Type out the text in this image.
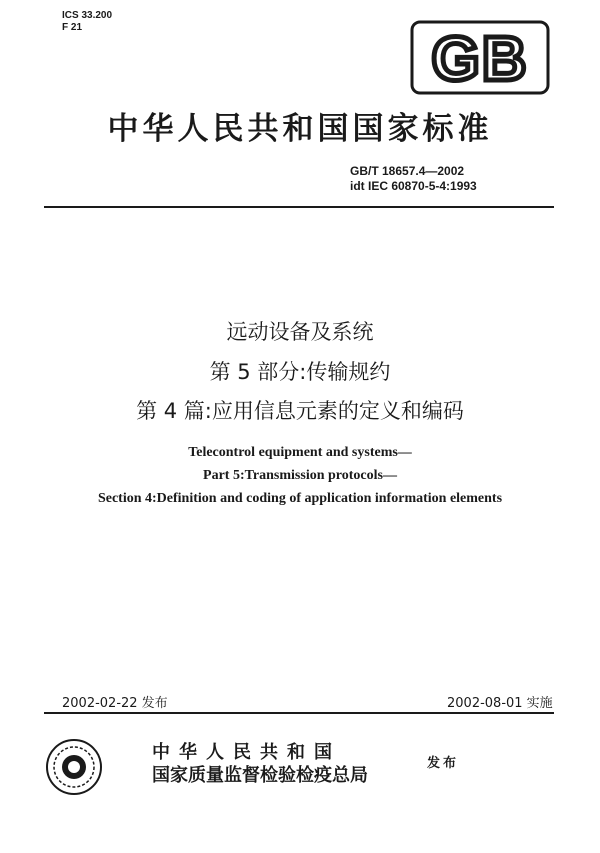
ICS 33.200
F 21	GB
中华人民共和国国家标准
GB/T 18657.4—2002
idt IEC 60870-5-4:1993
远动设备及系统
第 5 部分:传输规约
第 4 篇:应用信息元素的定义和编码
Telecontrol equipment and systems—
Part 5:Transmission protocols—
Section 4:Definition and coding of application information elements
2002-02-22 发布	2002-08-01 实施
中华人民共和国
国家质量监督检验检疫总局
发布
